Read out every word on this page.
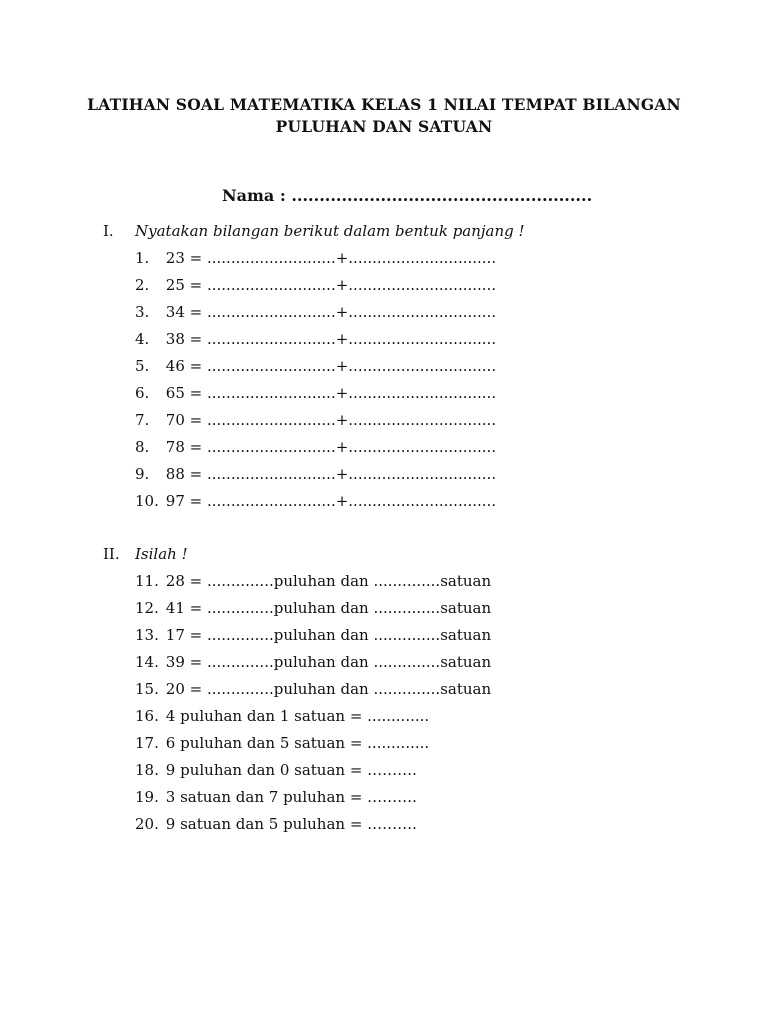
LATIHAN SOAL MATEMATIKA KELAS 1 NILAI TEMPAT BILANGAN
PULUHAN DAN SATUAN
Nama : ......................................................
I. Nyatakan bilangan berikut dalam bentuk panjang !
1. 23 = ...........................+...............................
2. 25 = ...........................+...............................
3. 34 = ...........................+...............................
4. 38 = ...........................+...............................
5. 46 = ...........................+...............................
6. 65 = ...........................+...............................
7. 70 = ...........................+...............................
8. 78 = ...........................+...............................
9. 88 = ...........................+...............................
10. 97 = ...........................+...............................
II. Isilah !
11. 28 = ..............puluhan dan ..............satuan
12. 41 = ..............puluhan dan ..............satuan
13. 17 = ..............puluhan dan ..............satuan
14. 39 = ..............puluhan dan ..............satuan
15. 20 = ..............puluhan dan ..............satuan
16. 4 puluhan dan 1 satuan = .............
17. 6 puluhan dan 5 satuan = .............
18. 9 puluhan dan 0 satuan = ……….
19. 3 satuan dan 7 puluhan = ……….
20. 9 satuan dan 5 puluhan = ……….
